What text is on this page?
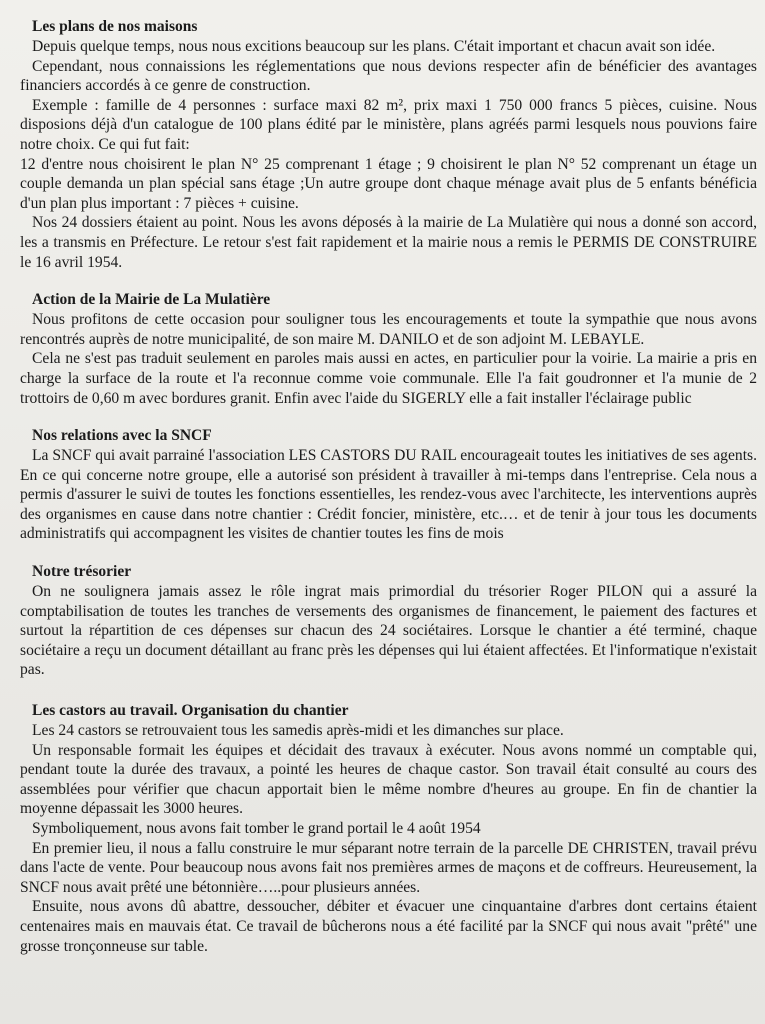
Les plans de nos maisons

Depuis quelque temps, nous nous excitions beaucoup sur les plans. C'était important et chacun avait son idée.

Cependant, nous connaissions les réglementations que nous devions respecter afin de bénéficier des avantages financiers accordés à ce genre de construction.

Exemple : famille de 4 personnes : surface maxi 82 m², prix maxi 1 750 000 francs 5 pièces, cuisine. Nous disposions déjà d'un catalogue de 100 plans édité par le ministère, plans agréés parmi lesquels nous pouvions faire notre choix. Ce qui fut fait:

12 d'entre nous choisirent le plan N° 25 comprenant 1 étage ; 9 choisirent le plan N° 52 comprenant un étage un couple demanda un plan spécial sans étage ;Un autre groupe dont chaque ménage avait plus de 5 enfants bénéficia d'un plan plus important : 7 pièces + cuisine.

Nos 24 dossiers étaient au point. Nous les avons déposés à la mairie de La Mulatière qui nous a donné son accord, les a transmis en Préfecture. Le retour s'est fait rapidement et la mairie nous a remis le PERMIS DE CONSTRUIRE le 16 avril 1954.

Action de la Mairie de La Mulatière

Nous profitons de cette occasion pour souligner tous les encouragements et toute la sympathie que nous avons rencontrés auprès de notre municipalité, de son maire M. DANILO et de son adjoint M. LEBAYLE.

Cela ne s'est pas traduit seulement en paroles mais aussi en actes, en particulier pour la voirie. La mairie a pris en charge la surface de la route et l'a reconnue comme voie communale. Elle l'a fait goudronner et l'a munie de 2 trottoirs de 0,60 m avec bordures granit. Enfin avec l'aide du SIGERLY elle a fait installer l'éclairage public

Nos relations avec la SNCF

La SNCF qui avait parrainé l'association LES CASTORS DU RAIL encourageait toutes les initiatives de ses agents. En ce qui concerne notre groupe, elle a autorisé son président à travailler à mi-temps dans l'entreprise. Cela nous a permis d'assurer le suivi de toutes les fonctions essentielles, les rendez-vous avec l'architecte, les interventions auprès des organismes en cause dans notre chantier : Crédit foncier, ministère, etc.… et de tenir à jour tous les documents administratifs qui accompagnent les visites de chantier toutes les fins de mois

Notre trésorier

On ne soulignera jamais assez le rôle ingrat mais primordial du trésorier Roger PILON qui a assuré la comptabilisation de toutes les tranches de versements des organismes de financement, le paiement des factures et surtout la répartition de ces dépenses sur chacun des 24 sociétaires. Lorsque le chantier a été terminé, chaque sociétaire a reçu un document détaillant au franc près les dépenses qui lui étaient affectées. Et l'informatique n'existait pas.

Les castors au travail. Organisation du chantier

Les 24 castors se retrouvaient tous les samedis après-midi et les dimanches sur place.

Un responsable formait les équipes et décidait des travaux à exécuter. Nous avons nommé un comptable qui, pendant toute la durée des travaux, a pointé les heures de chaque castor. Son travail était consulté au cours des assemblées pour vérifier que chacun apportait bien le même nombre d'heures au groupe. En fin de chantier la moyenne dépassait les 3000 heures.

Symboliquement, nous avons fait tomber le grand portail le 4 août 1954

En premier lieu, il nous a fallu construire le mur séparant notre terrain de la parcelle DE CHRISTEN, travail prévu dans l'acte de vente. Pour beaucoup nous avons fait nos premières armes de maçons et de coffreurs. Heureusement, la SNCF nous avait prêté une bétonnière…..pour plusieurs années.

Ensuite, nous avons dû abattre, dessoucher, débiter et évacuer une cinquantaine d'arbres dont certains étaient centenaires mais en mauvais état. Ce travail de bûcherons nous a été facilité par la SNCF qui nous avait "prêté" une grosse tronçonneuse sur table.
